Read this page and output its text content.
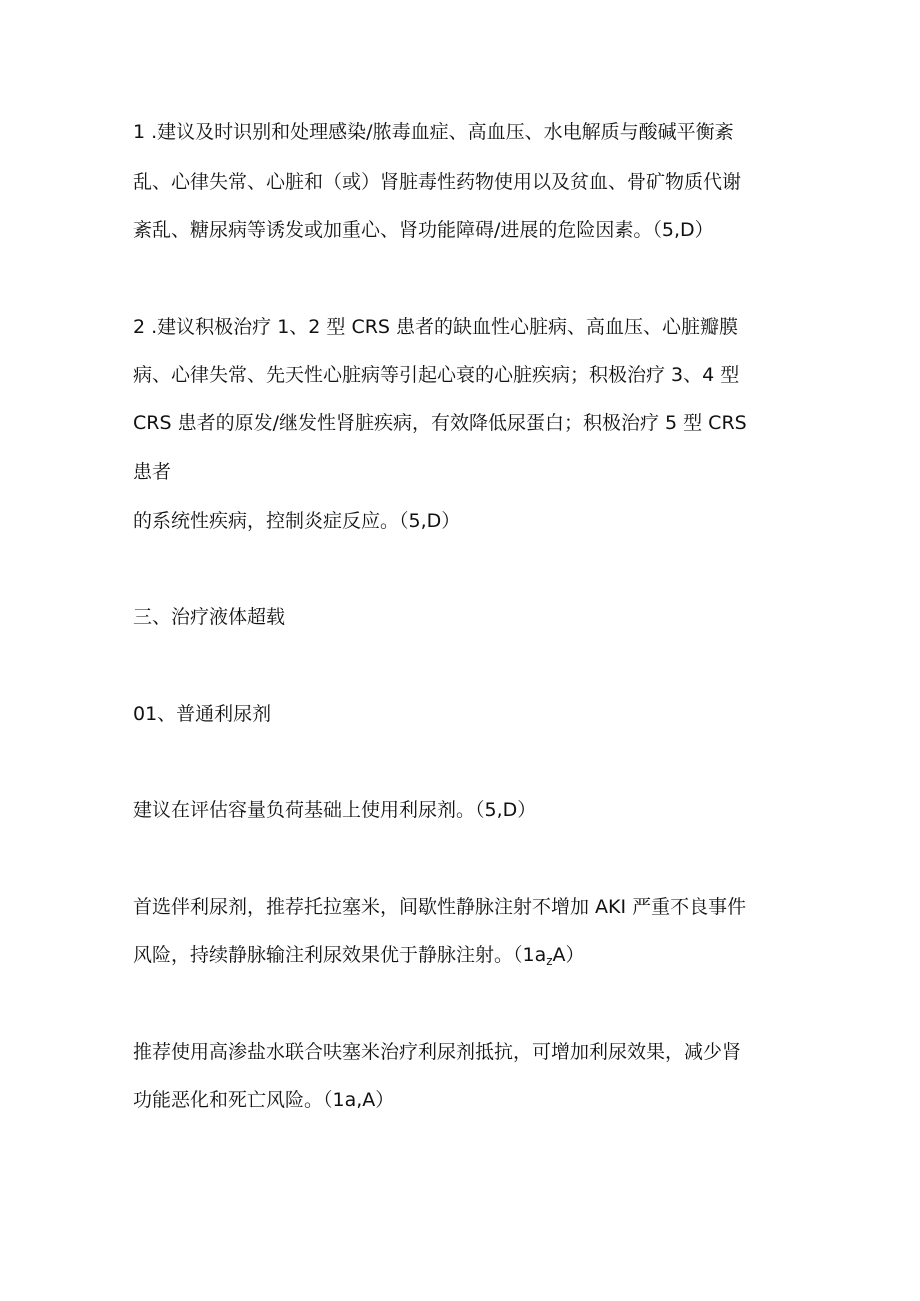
1 .建议及时识别和处理感染/脓毒血症、高血压、水电解质与酸碱平衡紊

乱、心律失常、心脏和（或）肾脏毒性药物使用以及贫血、骨矿物质代谢

紊乱、糖尿病等诱发或加重心、肾功能障碍/进展的危险因素。（5,D）

2 .建议积极治疗 1、2 型 CRS 患者的缺血性心脏病、高血压、心脏瓣膜

病、心律失常、先天性心脏病等引起心衰的心脏疾病；积极治疗 3、4 型

CRS 患者的原发/继发性肾脏疾病，有效降低尿蛋白；积极治疗 5 型 CRS

患者

的系统性疾病，控制炎症反应。（5,D）

三、治疗液体超载

01、普通利尿剂

建议在评估容量负荷基础上使用利尿剂。（5,D）

首选伴利尿剂，推荐托拉塞米，间歇性静脉注射不增加 AKI 严重不良事件

风险，持续静脉输注利尿效果优于静脉注射。$(1a_zA)$

推荐使用高渗盐水联合呋塞米治疗利尿剂抵抗，可增加利尿效果，减少肾

功能恶化和死亡风险。（1a,A）
